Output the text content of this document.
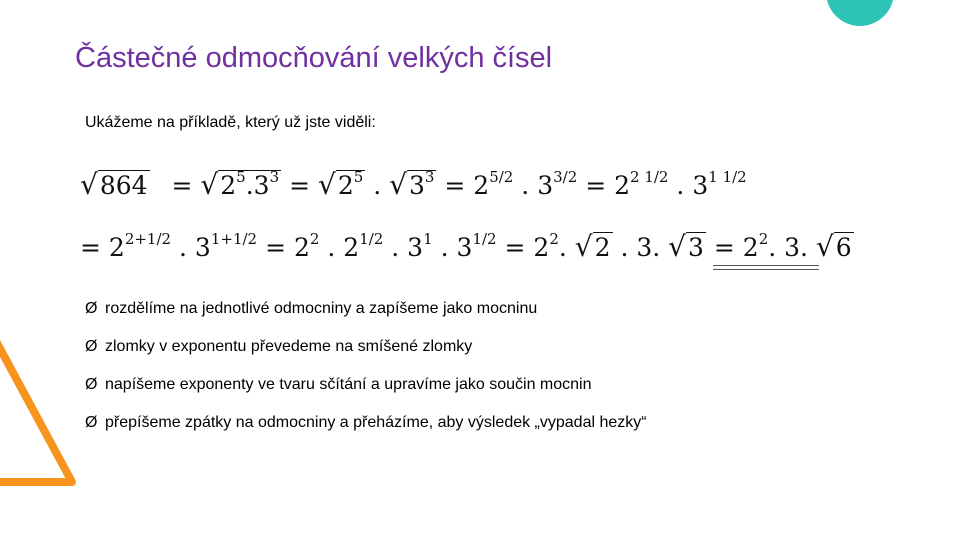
Částečné odmocňování velkých čísel
Ukážeme na příkladě, který už jste viděli:
$√864 = √2^5.3^3 = √2^5$ . $√3^3 = 2^{5/2}$ . $3^{3/2} = 2^{2 1/2}$ . $3^{1 1/2}$
= $2^{2+1/2}$ . $3^{1+1/2} = 2^2$ . $2^{1/2}$ . $3^1$ . $3^{1/2} = 2^2$. √2 . 3. $√3 = 2^2$. 3. √6
Ø rozdělíme na jednotlivé odmocniny a zapíšeme jako mocninu
Ø zlomky v exponentu převedeme na smíšené zlomky
Ø napíšeme exponenty ve tvaru sčítání a upravíme jako součin mocnin
Ø přepíšeme zpátky na odmocniny a přeházíme, aby výsledek „vypadal hezky“
